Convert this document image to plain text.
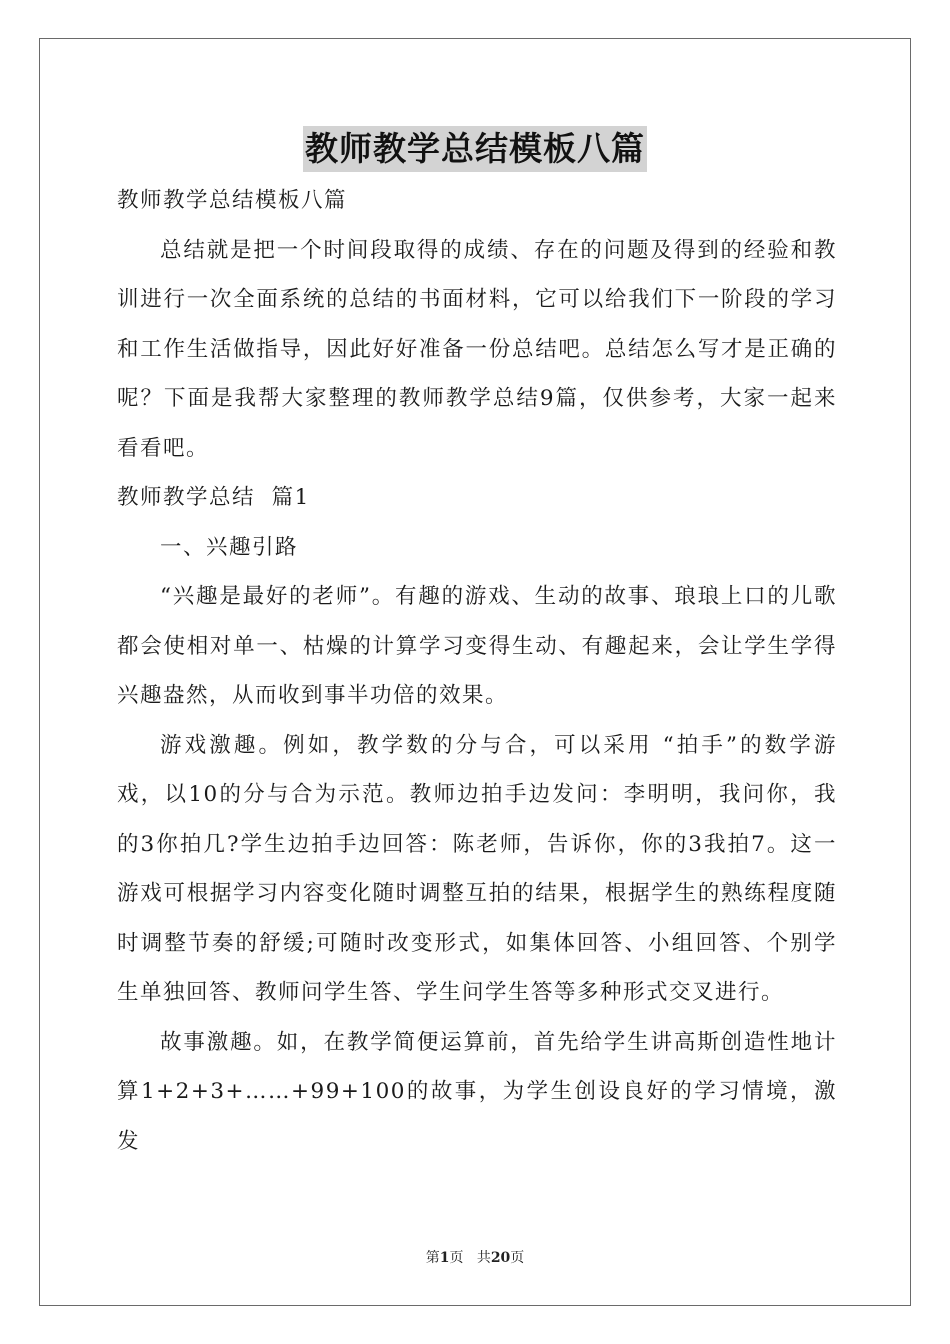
教师教学总结模板八篇
教师教学总结模板八篇

总结就是把一个时间段取得的成绩、存在的问题及得到的经验和教训进行一次全面系统的总结的书面材料，它可以给我们下一阶段的学习和工作生活做指导，因此好好准备一份总结吧。总结怎么写才是正确的呢？下面是我帮大家整理的教师教学总结9篇，仅供参考，大家一起来看看吧。

教师教学总结  篇1
一、兴趣引路

“兴趣是最好的老师”。有趣的游戏、生动的故事、琅琅上口的儿歌都会使相对单一、枯燥的计算学习变得生动、有趣起来，会让学生学得兴趣盎然，从而收到事半功倍的效果。

游戏激趣。例如，教学数的分与合，可以采用 “拍手”的数学游戏，以10的分与合为示范。教师边拍手边发问：李明明，我问你，我的3你拍几?学生边拍手边回答：陈老师，告诉你，你的3我拍7。这一游戏可根据学习内容变化随时调整互拍的结果，根据学生的熟练程度随时调整节奏的舒缓;可随时改变形式，如集体回答、小组回答、个别学生单独回答、教师问学生答、学生问学生答等多种形式交叉进行。

故事激趣。如，在教学简便运算前，首先给学生讲高斯创造性地计算1+2+3+……+99+100的故事，为学生创设良好的学习情境，激发

第1页 共20页
